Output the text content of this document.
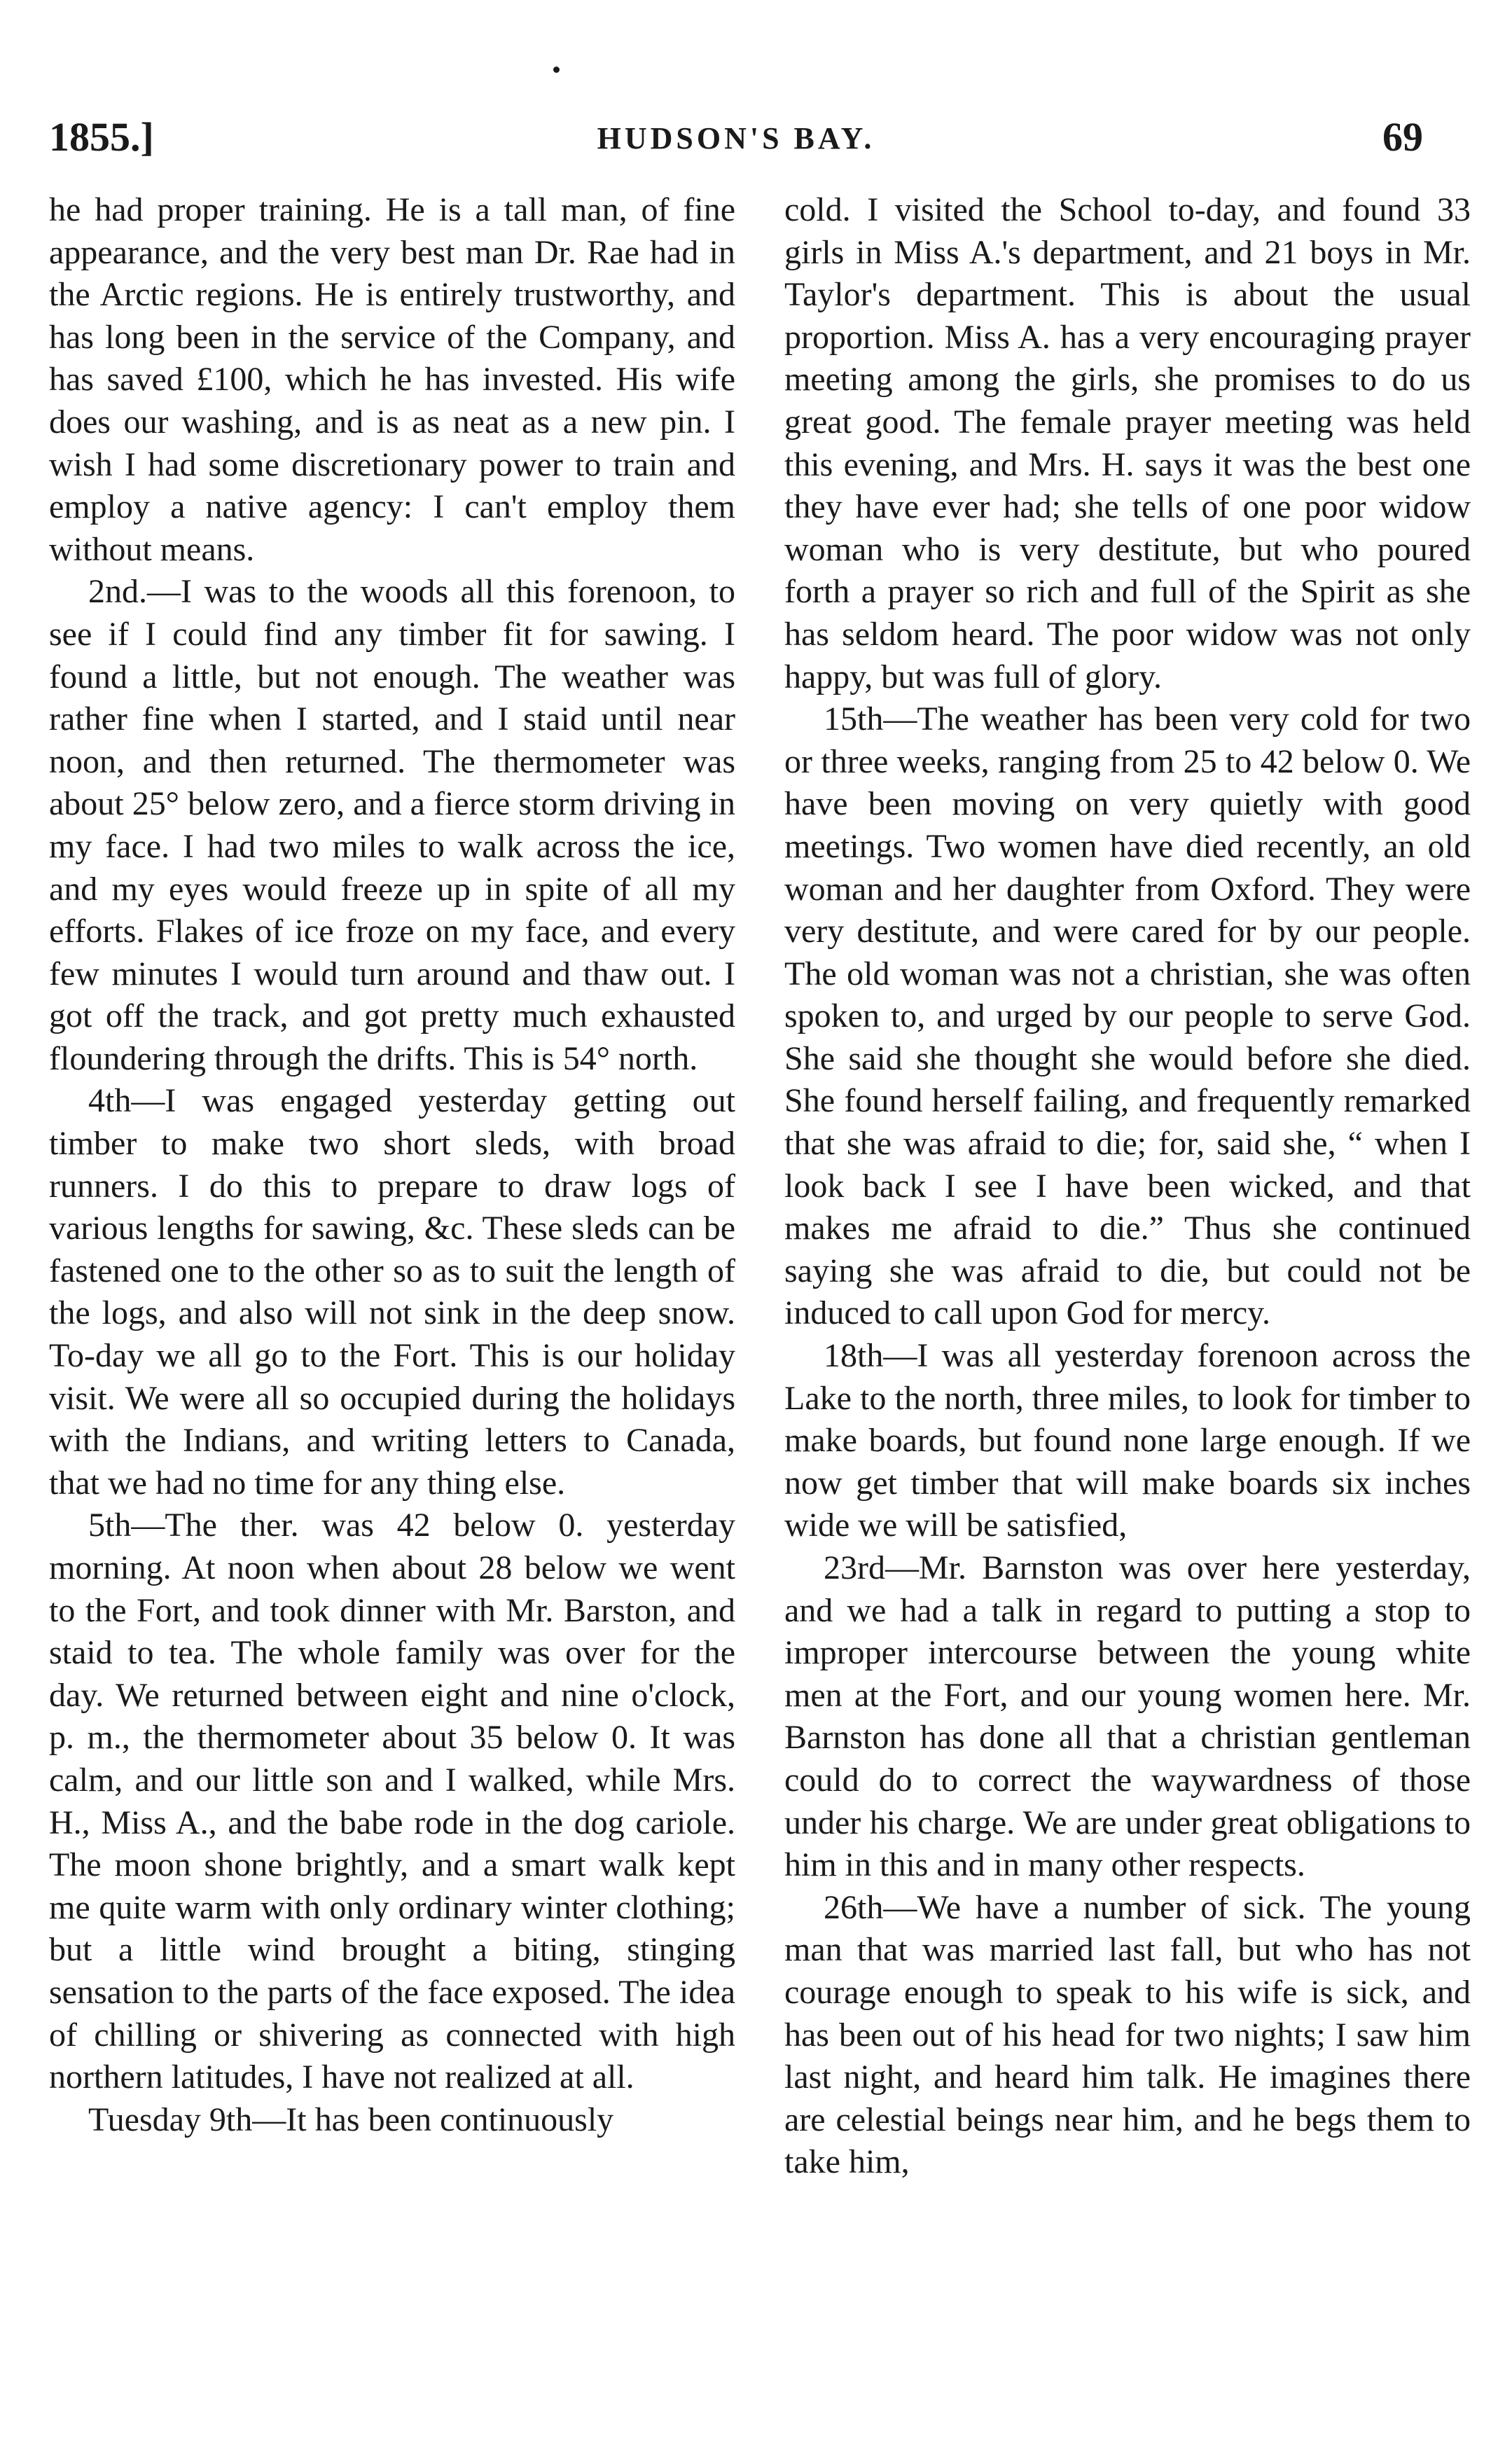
1855.]	HUDSON'S BAY.	69

he had proper training. He is a tall man, of fine appearance, and the very best man Dr. Rae had in the Arctic regions. He is entirely trustworthy, and has long been in the service of the Company, and has saved £100, which he has invested. His wife does our washing, and is as neat as a new pin. I wish I had some discretionary power to train and employ a native agency: I can't employ them without means.

2nd.—I was to the woods all this forenoon, to see if I could find any timber fit for sawing. I found a little, but not enough. The weather was rather fine when I started, and I staid until near noon, and then returned. The thermometer was about 25° below zero, and a fierce storm driving in my face. I had two miles to walk across the ice, and my eyes would freeze up in spite of all my efforts. Flakes of ice froze on my face, and every few minutes I would turn around and thaw out. I got off the track, and got pretty much exhausted floundering through the drifts. This is 54° north.

4th—I was engaged yesterday getting out timber to make two short sleds, with broad runners. I do this to prepare to draw logs of various lengths for sawing, &c. These sleds can be fastened one to the other so as to suit the length of the logs, and also will not sink in the deep snow. To-day we all go to the Fort. This is our holiday visit. We were all so occupied during the holidays with the Indians, and writing letters to Canada, that we had no time for any thing else.

5th—The ther. was 42 below 0. yesterday morning. At noon when about 28 below we went to the Fort, and took dinner with Mr. Barston, and staid to tea. The whole family was over for the day. We returned between eight and nine o'clock, p. m., the thermometer about 35 below 0. It was calm, and our little son and I walked, while Mrs. H., Miss A., and the babe rode in the dog cariole. The moon shone brightly, and a smart walk kept me quite warm with only ordinary winter clothing; but a little wind brought a biting, stinging sensation to the parts of the face exposed. The idea of chilling or shivering as connected with high northern latitudes, I have not realized at all.

Tuesday 9th—It has been continuously

cold. I visited the School to-day, and found 33 girls in Miss A.'s department, and 21 boys in Mr. Taylor's department. This is about the usual proportion. Miss A. has a very encouraging prayer meeting among the girls, she promises to do us great good. The female prayer meeting was held this evening, and Mrs. H. says it was the best one they have ever had; she tells of one poor widow woman who is very destitute, but who poured forth a prayer so rich and full of the Spirit as she has seldom heard. The poor widow was not only happy, but was full of glory.

15th—The weather has been very cold for two or three weeks, ranging from 25 to 42 below 0. We have been moving on very quietly with good meetings. Two women have died recently, an old woman and her daughter from Oxford. They were very destitute, and were cared for by our people. The old woman was not a christian, she was often spoken to, and urged by our people to serve God. She said she thought she would before she died. She found herself failing, and frequently remarked that she was afraid to die; for, said she, “ when I look back I see I have been wicked, and that makes me afraid to die.” Thus she continued saying she was afraid to die, but could not be induced to call upon God for mercy.

18th—I was all yesterday forenoon across the Lake to the north, three miles, to look for timber to make boards, but found none large enough. If we now get timber that will make boards six inches wide we will be satisfied,

23rd—Mr. Barnston was over here yesterday, and we had a talk in regard to putting a stop to improper intercourse between the young white men at the Fort, and our young women here. Mr. Barnston has done all that a christian gentleman could do to correct the waywardness of those under his charge. We are under great obligations to him in this and in many other respects.

26th—We have a number of sick. The young man that was married last fall, but who has not courage enough to speak to his wife is sick, and has been out of his head for two nights; I saw him last night, and heard him talk. He imagines there are celestial beings near him, and he begs them to take him,
